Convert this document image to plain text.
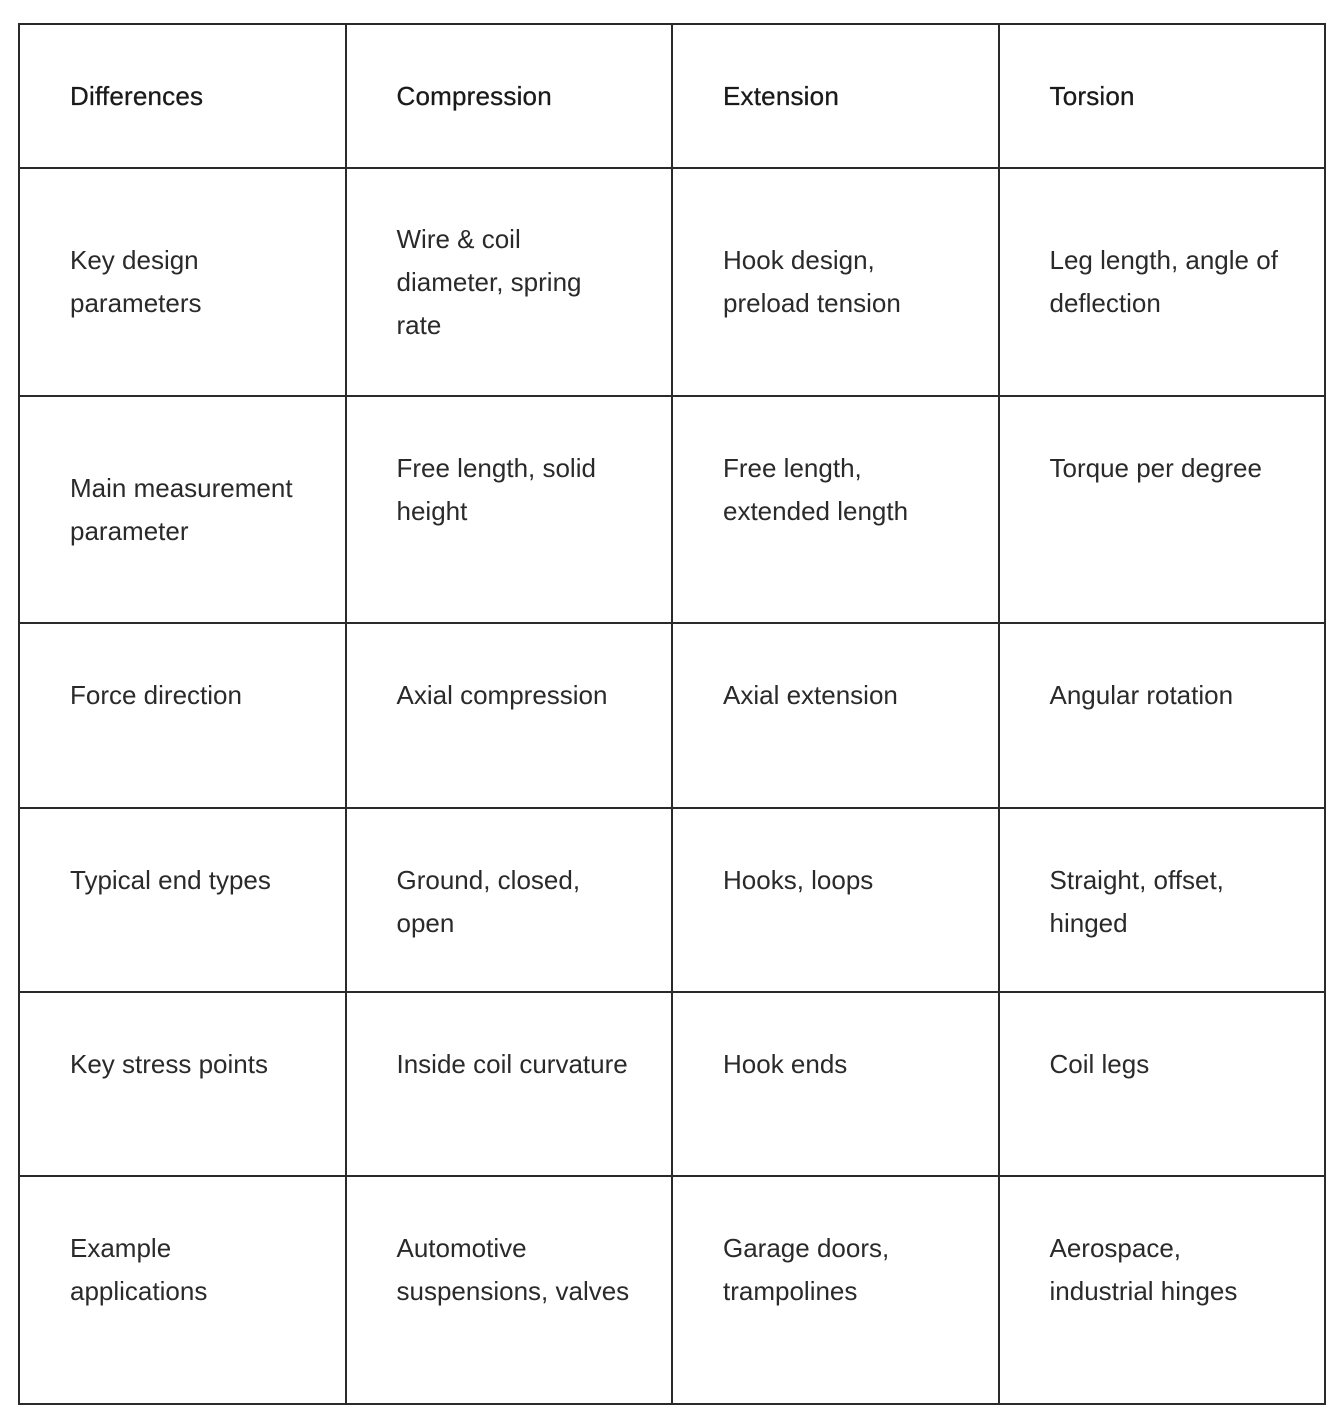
Differences	Compression	Extension	Torsion
Key design parameters	Wire & coil diameter, spring rate	Hook design, preload tension	Leg length, angle of deflection
Main measurement parameter	Free length, solid height	Free length, extended length	Torque per degree
Force direction	Axial compression	Axial extension	Angular rotation
Typical end types	Ground, closed, open	Hooks, loops	Straight, offset, hinged
Key stress points	Inside coil curvature	Hook ends	Coil legs
Example applications	Automotive suspensions, valves	Garage doors, trampolines	Aerospace, industrial hinges
